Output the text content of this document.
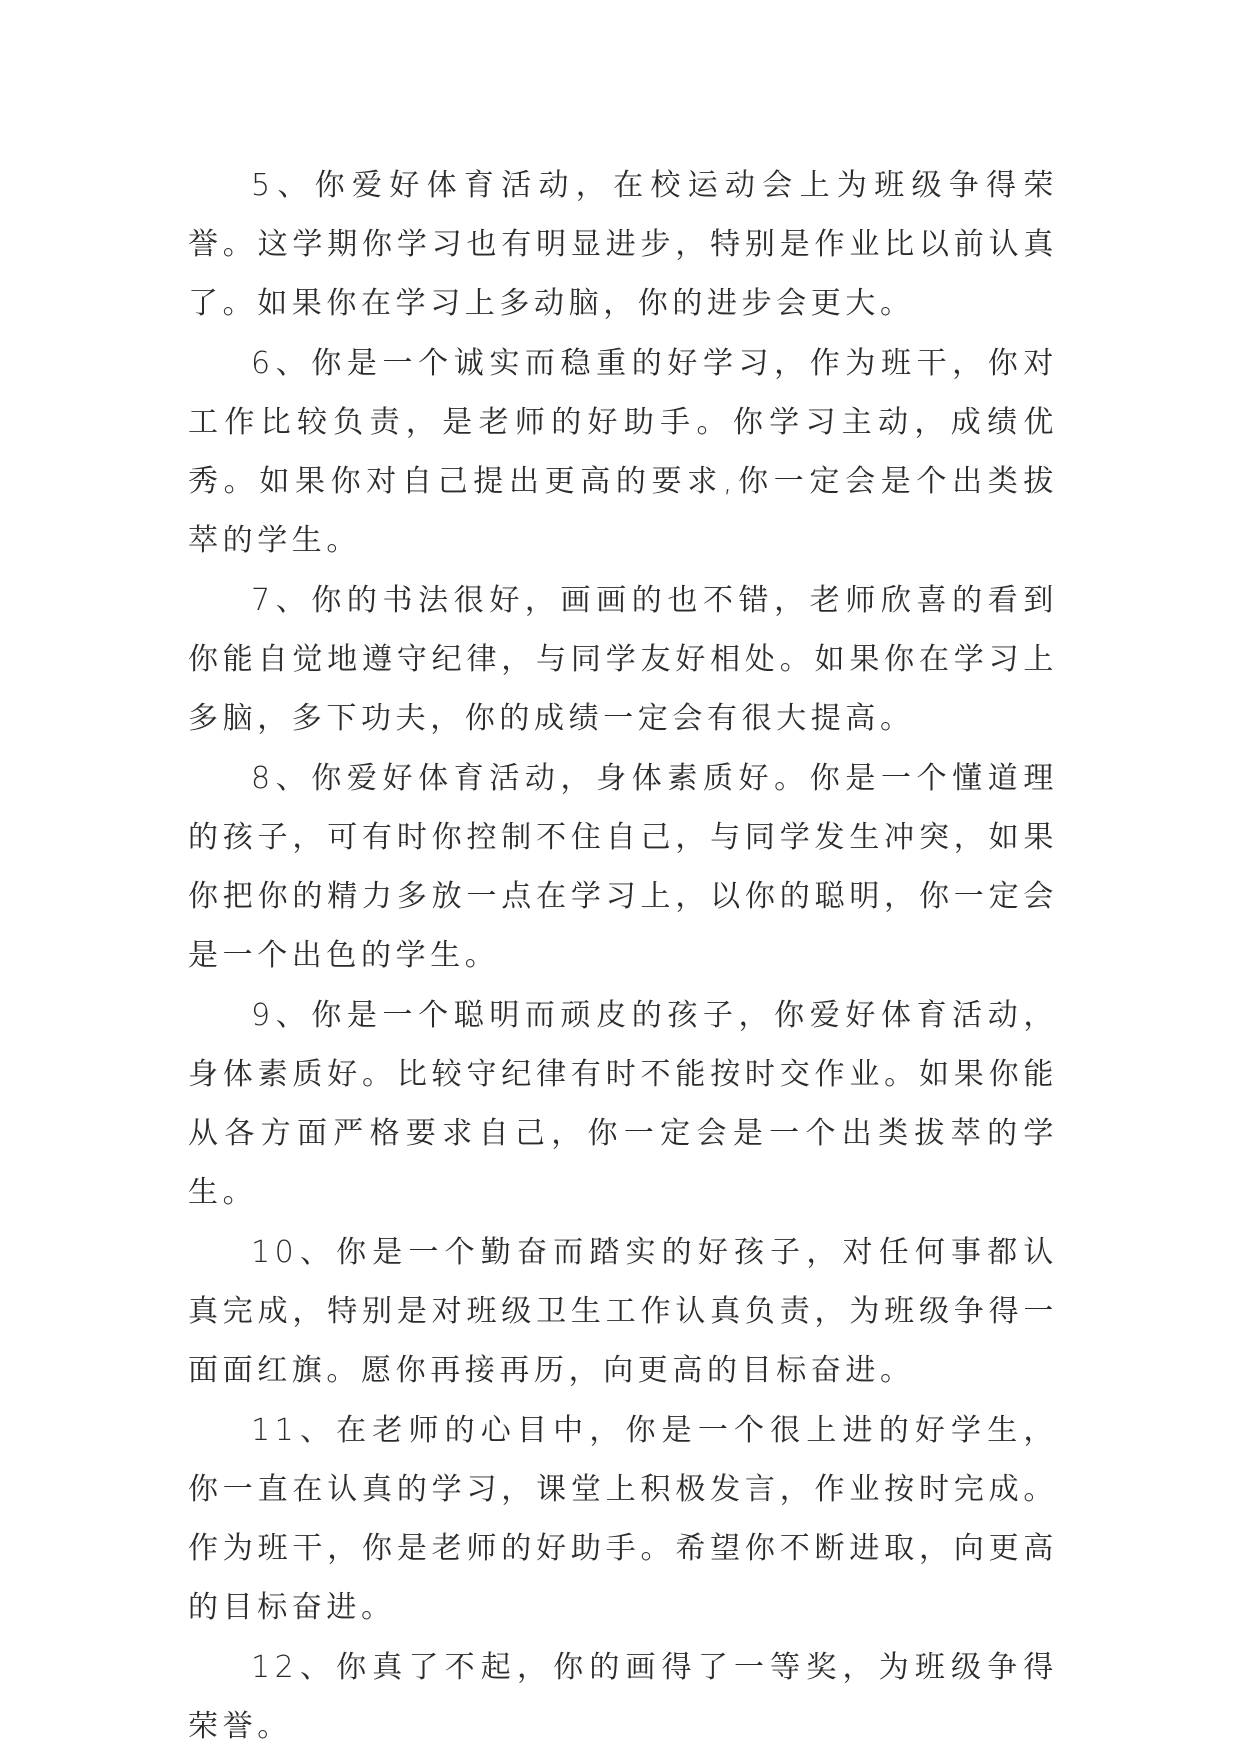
5、你爱好体育活动，在校运动会上为班级争得荣誉。这学期你学习也有明显进步，特别是作业比以前认真了。如果你在学习上多动脑，你的进步会更大。

6、你是一个诚实而稳重的好学习，作为班干，你对工作比较负责，是老师的好助手。你学习主动，成绩优秀。如果你对自己提出更高的要求,你一定会是个出类拔萃的学生。

7、你的书法很好，画画的也不错，老师欣喜的看到你能自觉地遵守纪律，与同学友好相处。如果你在学习上多脑，多下功夫，你的成绩一定会有很大提高。

8、你爱好体育活动，身体素质好。你是一个懂道理的孩子，可有时你控制不住自己，与同学发生冲突，如果你把你的精力多放一点在学习上，以你的聪明，你一定会是一个出色的学生。

9、你是一个聪明而顽皮的孩子，你爱好体育活动，身体素质好。比较守纪律有时不能按时交作业。如果你能从各方面严格要求自己，你一定会是一个出类拔萃的学生。

10、你是一个勤奋而踏实的好孩子，对任何事都认真完成，特别是对班级卫生工作认真负责，为班级争得一面面红旗。愿你再接再历，向更高的目标奋进。

11、在老师的心目中，你是一个很上进的好学生，你一直在认真的学习，课堂上积极发言，作业按时完成。作为班干，你是老师的好助手。希望你不断进取，向更高的目标奋进。

12、你真了不起，你的画得了一等奖，为班级争得荣誉。
